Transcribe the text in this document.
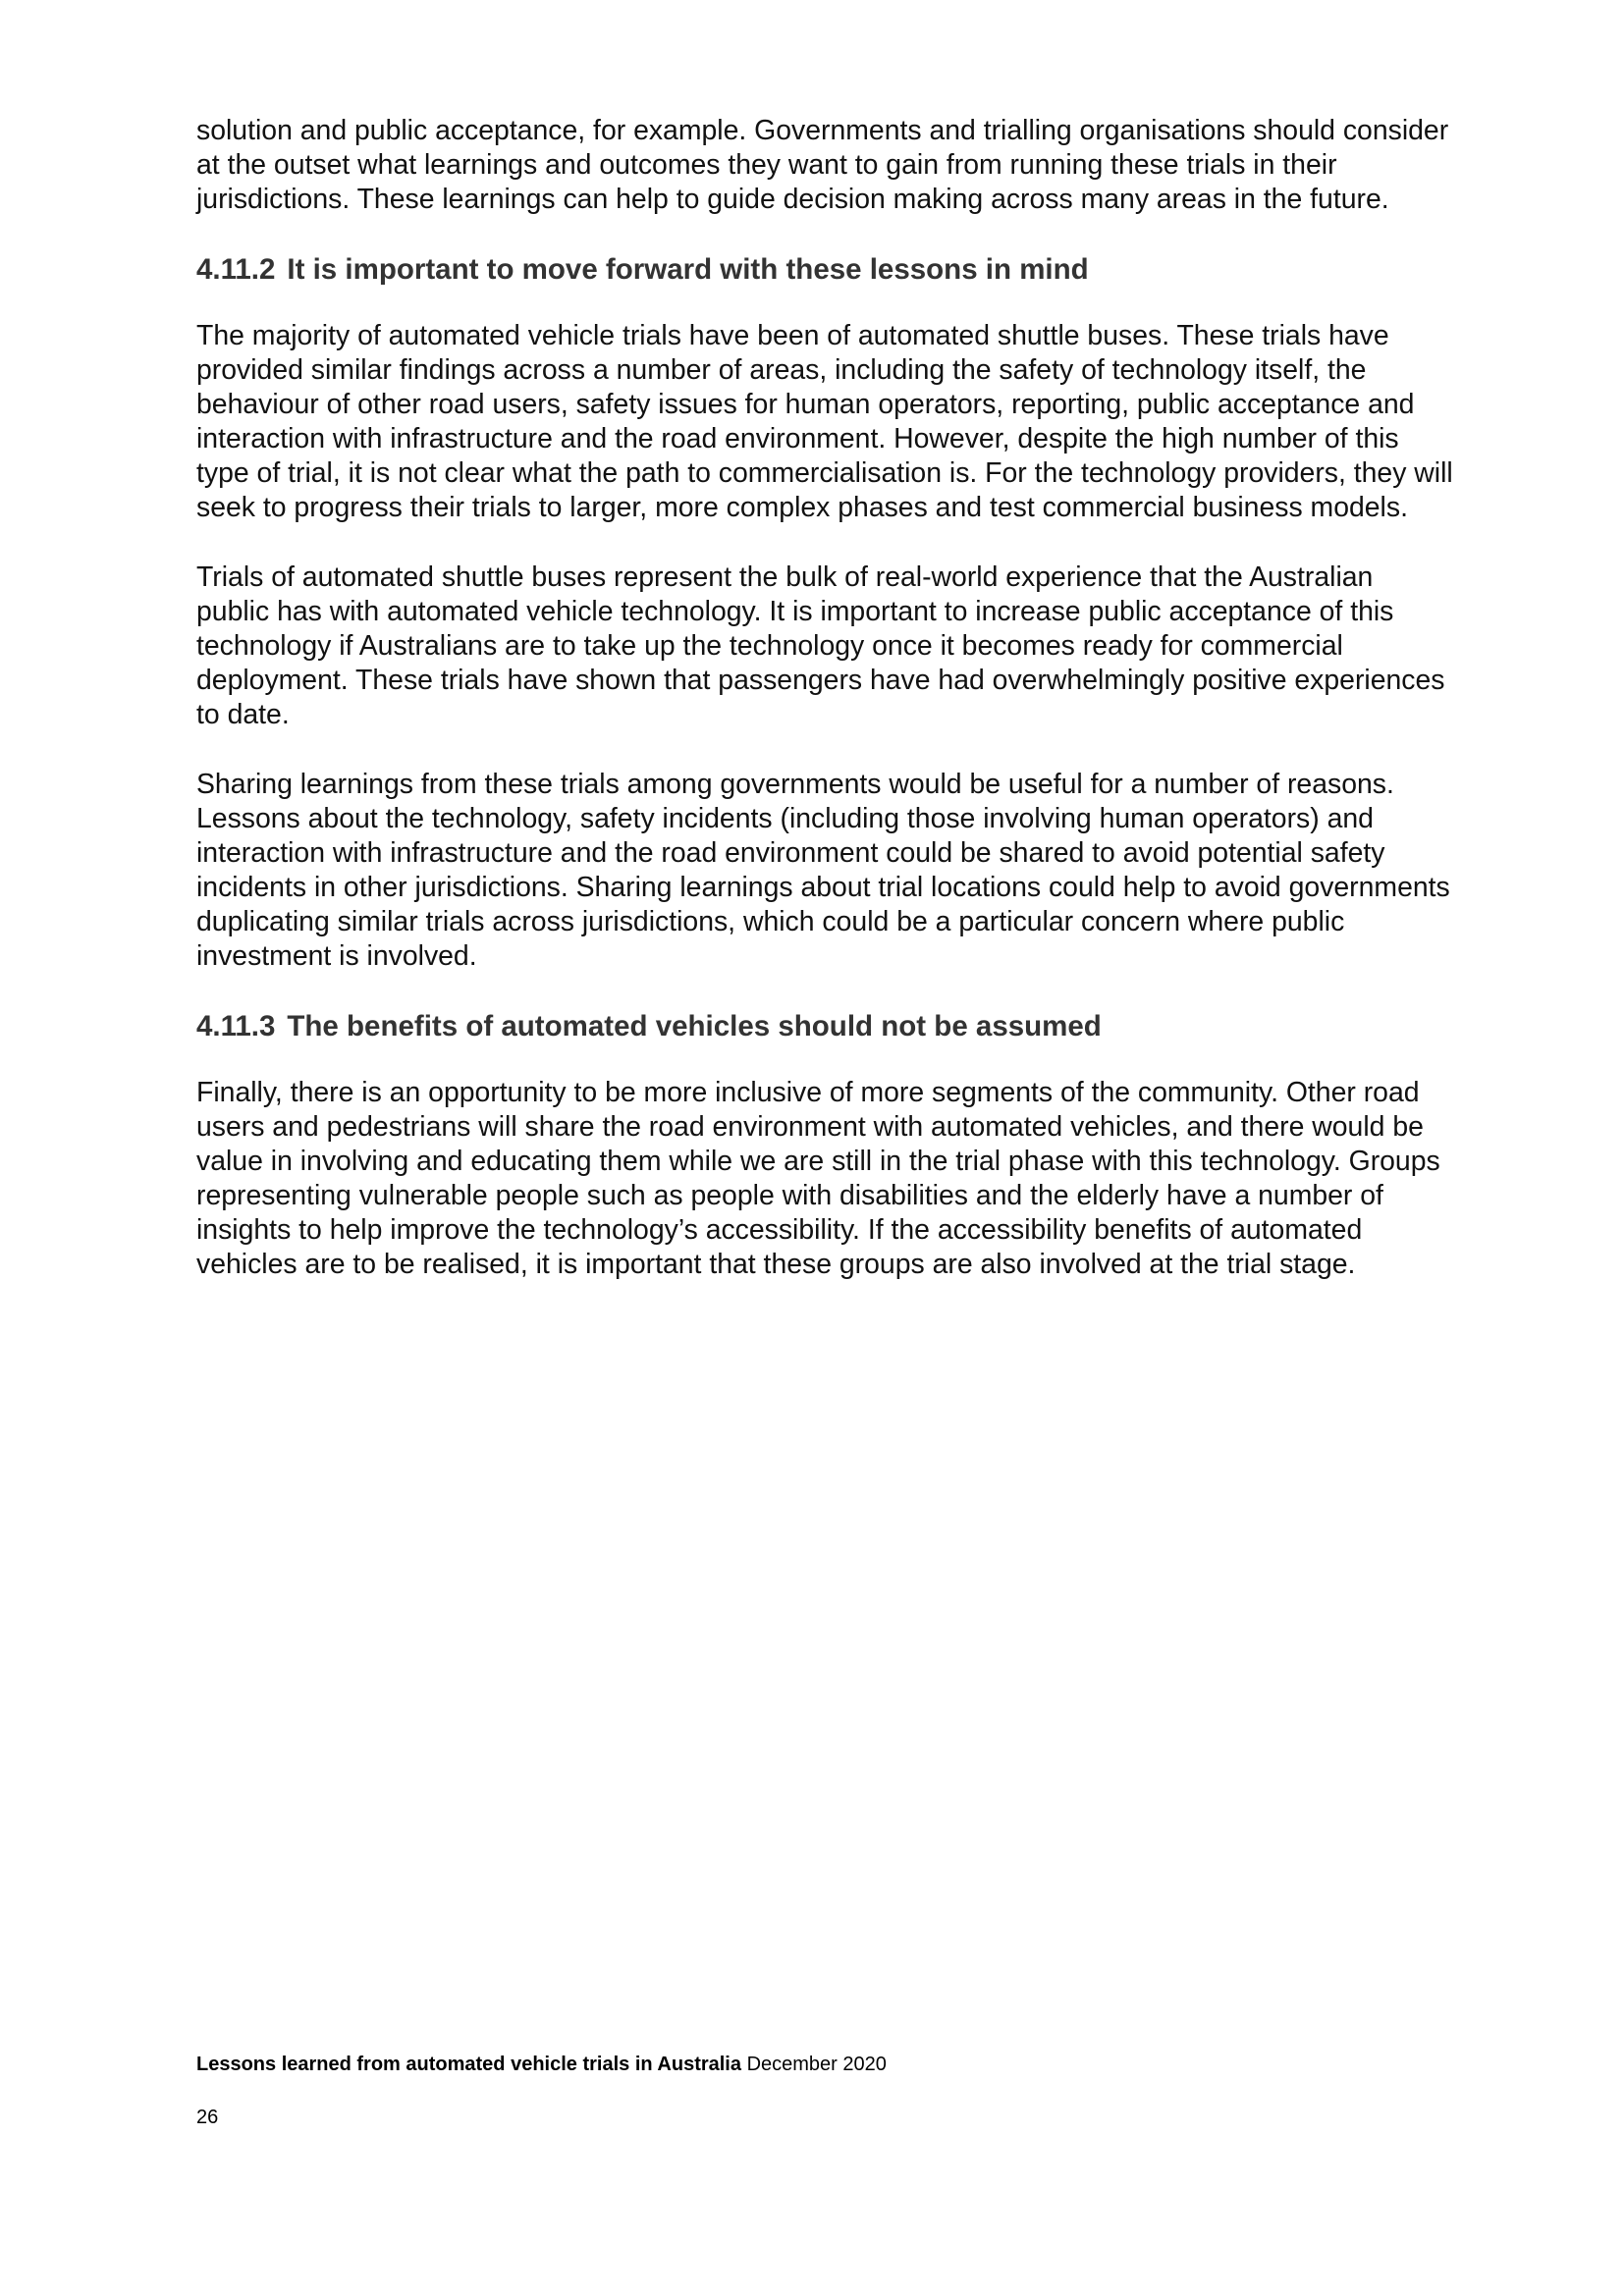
solution and public acceptance, for example. Governments and trialling organisations should consider at the outset what learnings and outcomes they want to gain from running these trials in their jurisdictions. These learnings can help to guide decision making across many areas in the future.

4.11.2 It is important to move forward with these lessons in mind

The majority of automated vehicle trials have been of automated shuttle buses. These trials have provided similar findings across a number of areas, including the safety of technology itself, the behaviour of other road users, safety issues for human operators, reporting, public acceptance and interaction with infrastructure and the road environment. However, despite the high number of this type of trial, it is not clear what the path to commercialisation is. For the technology providers, they will seek to progress their trials to larger, more complex phases and test commercial business models.

Trials of automated shuttle buses represent the bulk of real-world experience that the Australian public has with automated vehicle technology. It is important to increase public acceptance of this technology if Australians are to take up the technology once it becomes ready for commercial deployment. These trials have shown that passengers have had overwhelmingly positive experiences to date.

Sharing learnings from these trials among governments would be useful for a number of reasons. Lessons about the technology, safety incidents (including those involving human operators) and interaction with infrastructure and the road environment could be shared to avoid potential safety incidents in other jurisdictions. Sharing learnings about trial locations could help to avoid governments duplicating similar trials across jurisdictions, which could be a particular concern where public investment is involved.

4.11.3 The benefits of automated vehicles should not be assumed

Finally, there is an opportunity to be more inclusive of more segments of the community. Other road users and pedestrians will share the road environment with automated vehicles, and there would be value in involving and educating them while we are still in the trial phase with this technology. Groups representing vulnerable people such as people with disabilities and the elderly have a number of insights to help improve the technology’s accessibility. If the accessibility benefits of automated vehicles are to be realised, it is important that these groups are also involved at the trial stage.

Lessons learned from automated vehicle trials in Australia December 2020
26
